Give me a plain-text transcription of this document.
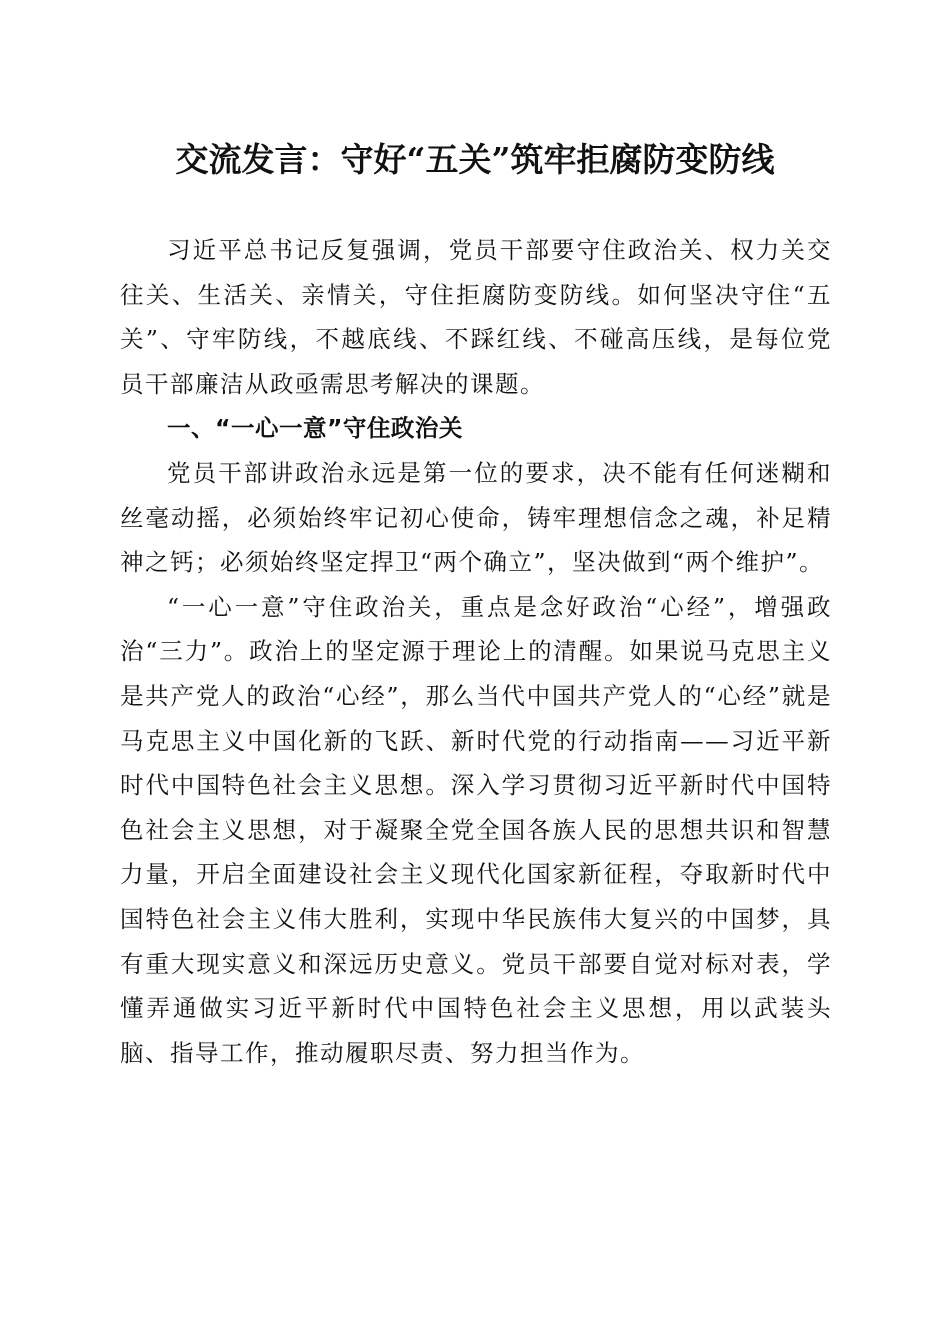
交流发言：守好“五关”筑牢拒腐防变防线

习近平总书记反复强调，党员干部要守住政治关、权力关交往关、生活关、亲情关，守住拒腐防变防线。如何坚决守住“五关”、守牢防线，不越底线、不踩红线、不碰高压线，是每位党员干部廉洁从政亟需思考解决的课题。

一、“一心一意”守住政治关

党员干部讲政治永远是第一位的要求，决不能有任何迷糊和丝毫动摇，必须始终牢记初心使命，铸牢理想信念之魂，补足精神之钙；必须始终坚定捍卫“两个确立”，坚决做到“两个维护”。

“一心一意”守住政治关，重点是念好政治“心经”，增强政治“三力”。政治上的坚定源于理论上的清醒。如果说马克思主义是共产党人的政治“心经”，那么当代中国共产党人的“心经”就是马克思主义中国化新的飞跃、新时代党的行动指南——习近平新时代中国特色社会主义思想。深入学习贯彻习近平新时代中国特色社会主义思想，对于凝聚全党全国各族人民的思想共识和智慧力量，开启全面建设社会主义现代化国家新征程，夺取新时代中国特色社会主义伟大胜利，实现中华民族伟大复兴的中国梦，具有重大现实意义和深远历史意义。党员干部要自觉对标对表，学懂弄通做实习近平新时代中国特色社会主义思想，用以武装头脑、指导工作，推动履职尽责、努力担当作为。
